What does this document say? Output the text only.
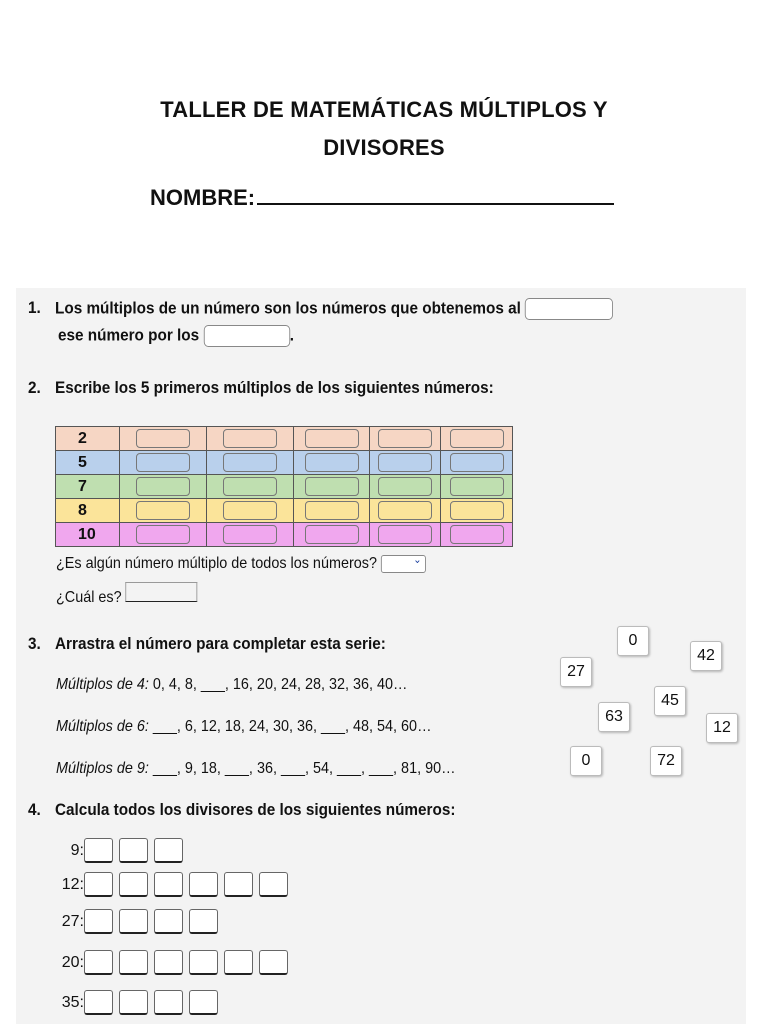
TALLER DE MATEMÁTICAS MÚLTIPLOS Y
DIVISORES
NOMBRE:
1. Los múltiplos de un número son los números que obtenemos al
ese número por los	.
2. Escribe los 5 primeros múltiplos de los siguientes números:
2					
5					
7					
8					
10					
¿Es algún número múltiplo de todos los números?	⌄
¿Cuál es?
3. Arrastra el número para completar esta serie:
Múltiplos de 4: 0, 4, 8, ___, 16, 20, 24, 28, 32, 36, 40…
Múltiplos de 6: ___, 6, 12, 18, 24, 30, 36, ___, 48, 54, 60…
Múltiplos de 9: ___, 9, 18, ___, 36, ___, 54, ___, ___, 81, 90…
0
42
27
45
63
12
0	72
4. Calcula todos los divisores de los siguientes números:
9:
12:
27:
20:
35:
